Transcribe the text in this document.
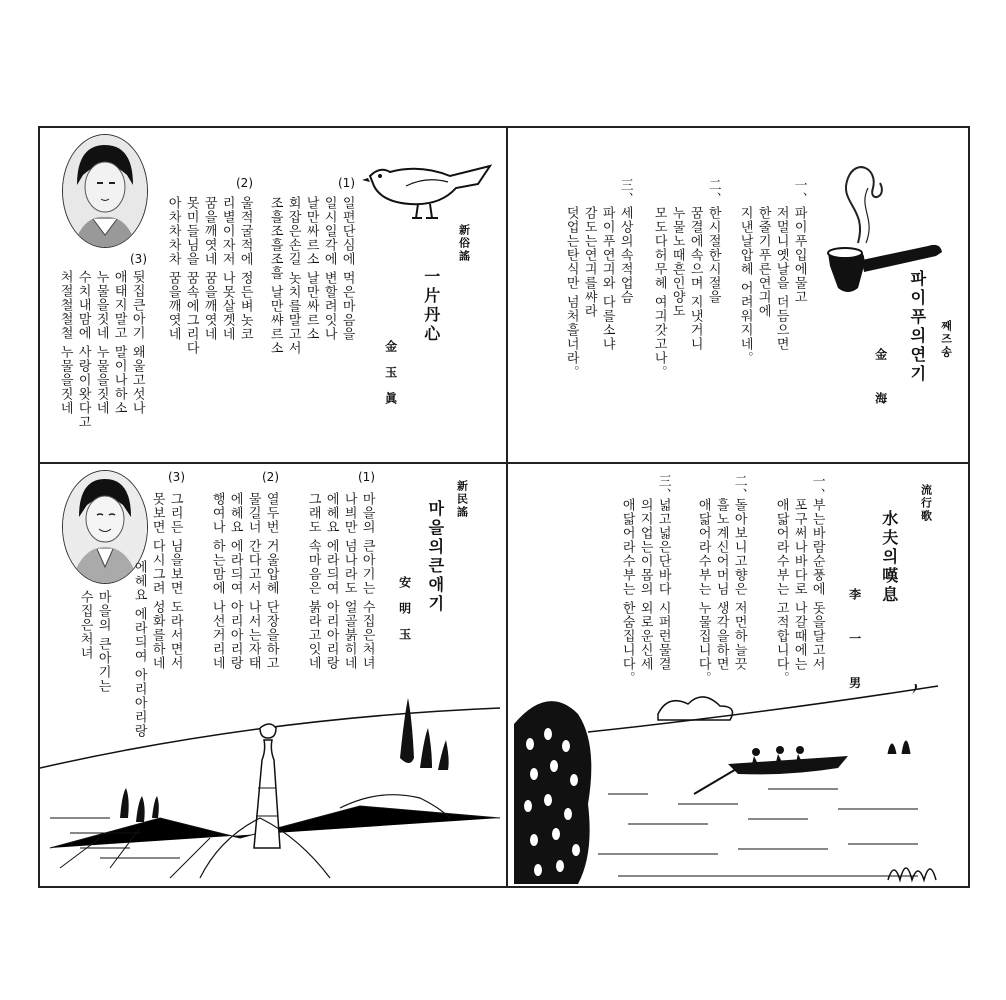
째즈송
파이푸의연기
金 海
一、
파이푸입에물고
저멀니옛날을 더듬으면
한줄기푸른연긔에
지낸날압헤 어려워지네。
二、
한시절한시절을
꿈결에속으며 지냇거니
누물노때흔인양도
모도다허무헤 여긔갓고나。
三、
세상의속적업슴
파이푸연긔와 다를소냐
감도는연긔를쌰라
덧업는탄식만 넘처흘너라。
新俗謠
一片丹心
金玉眞
(1)
일편단심에 먹은마음을
일시일각에 변할려잇나
날만싸르소 날만싸르소
회잡은손길 놋치를말고서
조흘조흘조흘 날만쌰르소
(2)
울적굴적에 정든벼놋코
리별이자저 나못살겟네
꿈을깨엿네 꿈을깨엿네
못미들님을 꿈속에그리다
아차차차차 꿈을깨엿네
(3)
뒷집큰아기 왜울고섯나
애태지말고 말이나하소
누물을짓네 누물을짓네
수치내맘에 사랑이왓다고
처절철철철 누물을짓네
流行歌
水夫의嘆息
李 一 男
一、
부는바람순풍에 돗을달고서
포구써나바다로 나갈때에는
애닯어라수부는 고적합니다。
二、
돌아보니고향은 저먼하늘끗
흘노계신어머님 생각을하면
애닯어라수부는 누물집니다。
三、
넓고넓은단바다 시퍼런물결
의지업는이몸의 외로운신세
애닯어라수부는 한숨집니다。
新民謠
마을의큰애기
安明玉
(1)
마을의 큰아기는 수집은처녀
나븨만 넘나라도 얼골붉히네
에헤요 에라듸여 아리아리랑
그래도 속마음은 붉라고잇네
(2)
열두번 거울압헤 단장을하고
물길너 간다고서 나서는자태
에헤요 에라듸여 아리아리랑
행여나 하는맘에 나선거리네
(3)
그리든 님을보면 도라서면서
못보면 다시그려 성화를하네
에헤요 에라듸여 아리아리랑
마을의 큰아기는
수집은처녀
